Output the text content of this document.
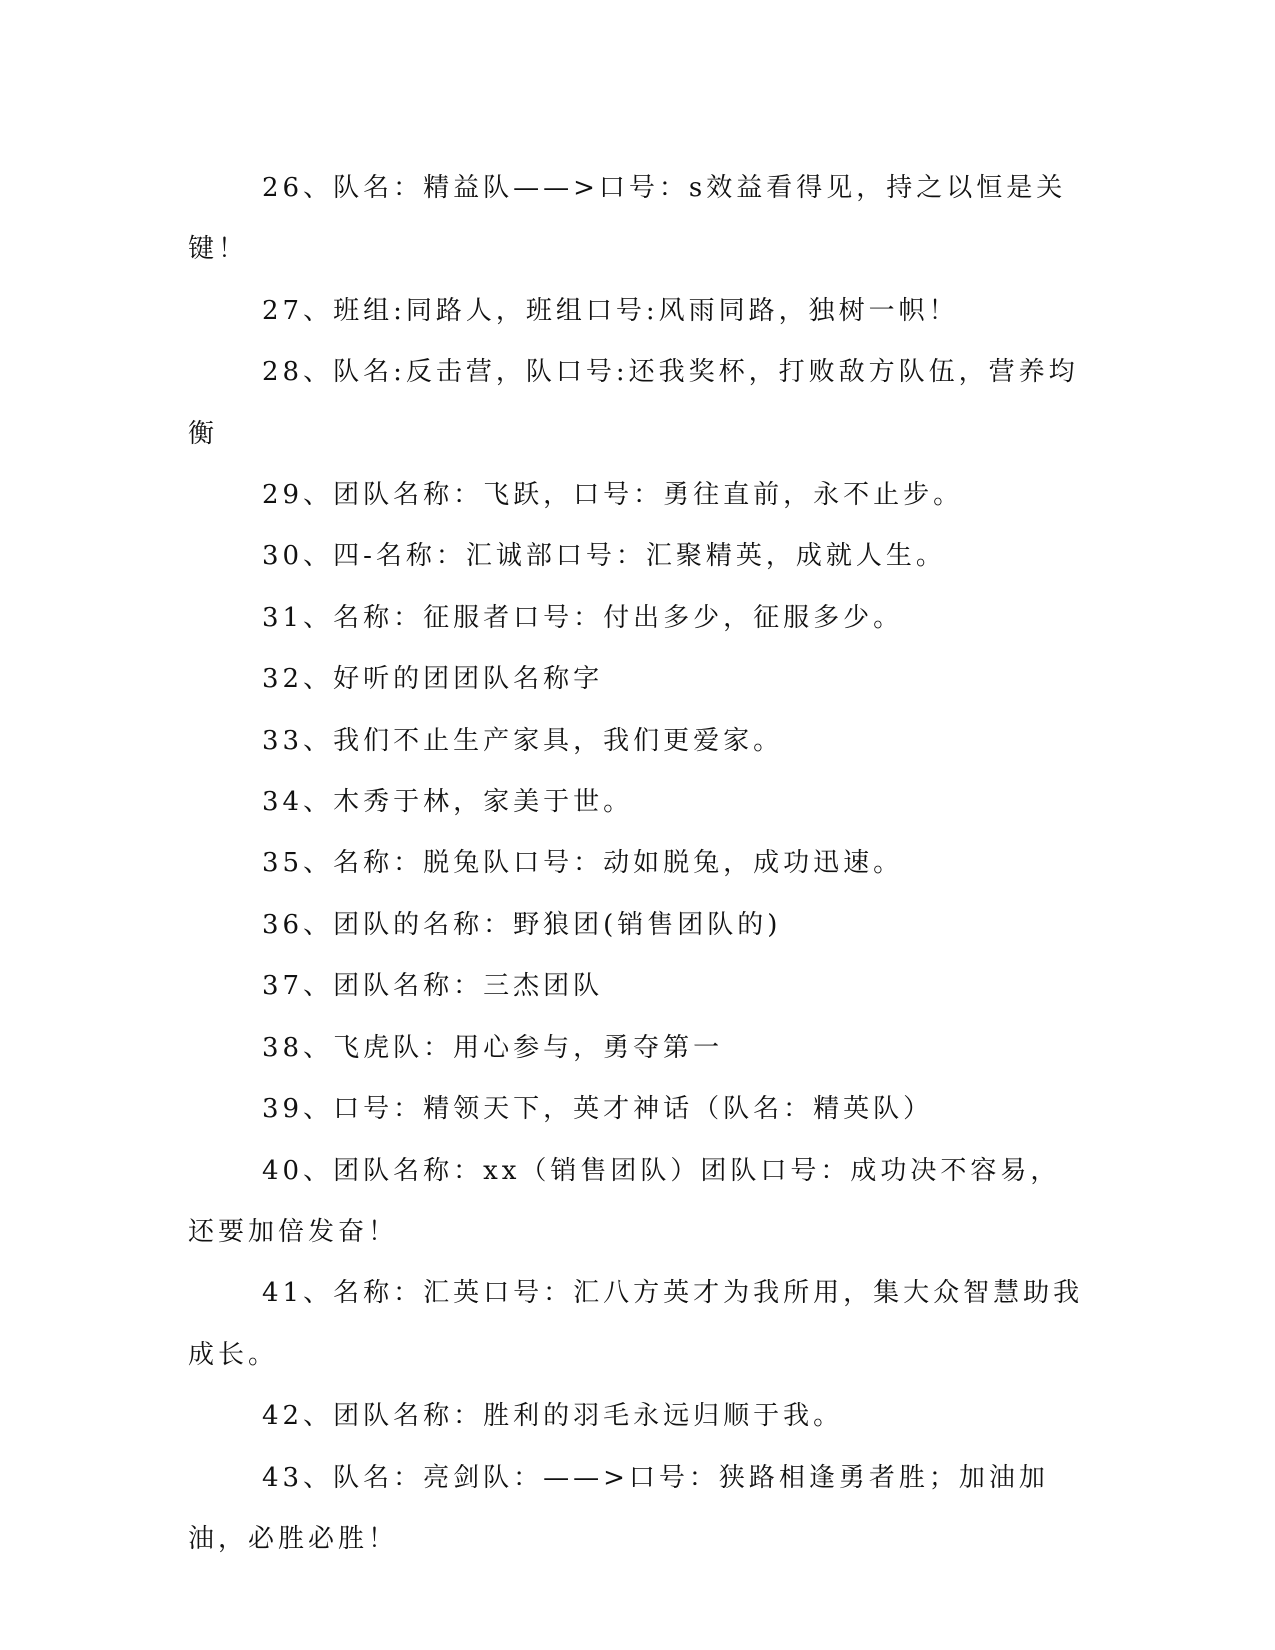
26、队名：精益队——>口号：s效益看得见，持之以恒是关键！

27、班组:同路人，班组口号:风雨同路，独树一帜！

28、队名:反击营，队口号:还我奖杯，打败敌方队伍，营养均衡

29、团队名称：飞跃，口号：勇往直前，永不止步。

30、四-名称：汇诚部口号：汇聚精英，成就人生。

31、名称：征服者口号：付出多少，征服多少。

32、好听的团团队名称字

33、我们不止生产家具，我们更爱家。

34、木秀于林，家美于世。

35、名称：脱兔队口号：动如脱兔，成功迅速。

36、团队的名称：野狼团(销售团队的)

37、团队名称：三杰团队

38、飞虎队：用心参与，勇夺第一

39、口号：精领天下，英才神话（队名：精英队）

40、团队名称：xx（销售团队）团队口号：成功决不容易，还要加倍发奋！

41、名称：汇英口号：汇八方英才为我所用，集大众智慧助我成长。

42、团队名称：胜利的羽毛永远归顺于我。

43、队名：亮剑队：——>口号：狭路相逢勇者胜；加油加油，必胜必胜！
